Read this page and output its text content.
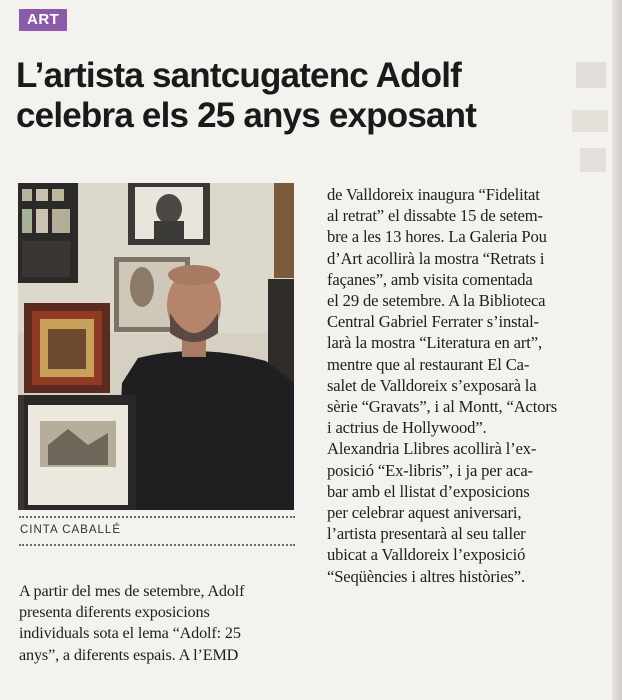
ART
L’artista santcugatenc Adolf
celebra els 25 anys exposant
CINTA CABALLÉ
A partir del mes de setembre, Adolf
presenta diferents exposicions
individuals sota el lema “Adolf: 25
anys”, a diferents espais. A l’EMD
de Valldoreix inaugura “Fidelitat
al retrat” el dissabte 15 de setem-
bre a les 13 hores. La Galeria Pou
d’Art acollirà la mostra “Retrats i
façanes”, amb visita comentada
el 29 de setembre. A la Biblioteca
Central Gabriel Ferrater s’instal-
larà la mostra “Literatura en art”,
mentre que al restaurant El Ca-
salet de Valldoreix s’exposarà la
sèrie “Gravats”, i al Montt, “Actors
i actrius de Hollywood”.
Alexandria Llibres acollirà l’ex-
posició “Ex-libris”, i ja per aca-
bar amb el llistat d’exposicions
per celebrar aquest aniversari,
l’artista presentarà al seu taller
ubicat a Valldoreix l’exposició
“Seqüències i altres històries”.
